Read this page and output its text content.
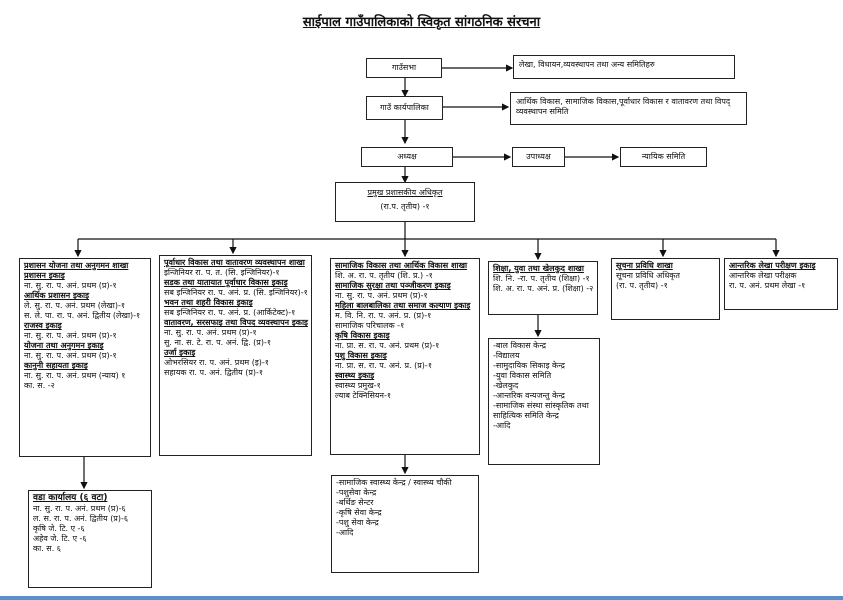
साईपाल गाउँपालिकाको स्विकृत सांगठनिक संरचना
गाउँसभा	लेखा, विधायन,व्यवस्थापन तथा अन्य समितिहरु
गाउँ कार्यपालिका
आर्थिक विकास, सामाजिक विकास,पूर्वाधार विकास र वातावरण तथा विपद् व्यवस्थापन समिति
अध्यक्ष	उपाध्यक्ष	न्यायिक समिति
प्रमुख प्रशासकीय अधिकृत
(रा.प. तृतीय) -१
प्रशासन योजना तथा अनुगमन शाखा
प्रशासन इकाइ
ना. सु. रा. प. अनं. प्रथम (प्र)-१
आर्थिक प्रशासन इकाइ
ले. सु. रा. प. अनं. प्रथम (लेखा)-१
स. ले. पा. रा. प. अनं. द्वितीय (लेखा)-१
राजस्व इकाइ
ना. सु. रा. प. अनं. प्रथम (प्र)-१
योजना तथा अनुगमन इकाइ
ना. सु. रा. प. अनं. प्रथम (प्र)-१
कानुनी सहायता इकाइ
ना. सु. रा. प. अनं. प्रथम (न्याय) १
का. स. -२
पूर्वाधार विकास तथा वातावरण व्यवस्थापन शाखा
इन्जिनियर रा. प. त. (सि. इन्जिनियर)-१
सडक तथा यातायात पूर्वाधार विकास इकाइ
सब इन्जिनियर रा. प. अनं. प्र. (सि. इन्जिनियर)-१
भवन तथा शहरी विकास इकाइ
सब इन्जिनियर रा. प. अनं. प्र. (आर्किटेक्ट)-१
वातावरण, सरसफाइ तथा विपद व्यवस्थापन इकाइ
ना. सु. रा. प. अनं. प्रथम (प्र)-१
सु. ना. स. टे. रा. प. अनं. द्वि. (प्र)-१
उर्जा इकाइ
ओभरसियर रा. प. अनं. प्रथम (इ)-१
सहायक रा. प. अनं. द्वितीय (प्र)-१
सामाजिक विकास तथा आर्थिक विकास शाखा
शि. अ. रा. प. तृतीय (शि. प्र.) -१
सामाजिक सुरक्षा तथा पञ्जीकरण इकाइ
ना. सु. रा. प. अनं. प्रथम (प्र)-१
महिला बालबालिका तथा समाज कल्याण इकाइ
म. वि. नि. रा. प. अनं. प्र. (प्र)-१
सामाजिक परिचालक -१
कृषि विकास इकाइ
ना. प्रा. स. रा. प. अनं. प्रथम (प्र)-१
पशु विकास इकाइ
ना. प्रा. स. रा. प. अनं. प्र. (प्र)-१
स्वास्थ्य इकाइ
स्वास्थ्य प्रमुख-१
ल्याब टेक्निसियन-१
शिक्षा, युवा तथा खेलकुद शाखा
शि. नि. -रा. प. तृतीय (शिक्षा) -१
शि. अ. रा. प. अनं. प्र. (शिक्षा) -२
सूचना प्रविधि शाखा
सूचना प्रविधि अधिकृत
(रा. प. तृतीय) -१
आन्तरिक लेखा परीक्षण इकाइ
आन्तरिक लेखा परीक्षक
रा. प. अनं. प्रथम लेखा -१
वडा कार्यालय (६ वटा)
ना. सु. रा. प. अनं. प्रथम (प्र)-६
ल. स. रा. प. अनं. द्वितीय (प्र)-६
कृषि जे. टि. ए -६
अहेव जे. टि. ए -६
का. स. ६
-बाल विकास केन्द्र
-विद्यालय
-सामुदायिक सिकाइ केन्द्र
-युवा विकास समिति
-खेलकुद
-आन्तरिक वन्यजन्तु केन्द्र
-सामाजिक संस्था सांस्कृतिक तथा साहित्यिक समिति केन्द्र
-आदि
-सामाजिक स्वास्थ्य केन्द्र / स्वास्थ्य चौकी
-पशुसेवा केन्द्र
-बर्थिङ सेन्टर
-कृषि सेवा केन्द्र
-पशु सेवा केन्द्र
-आदि
